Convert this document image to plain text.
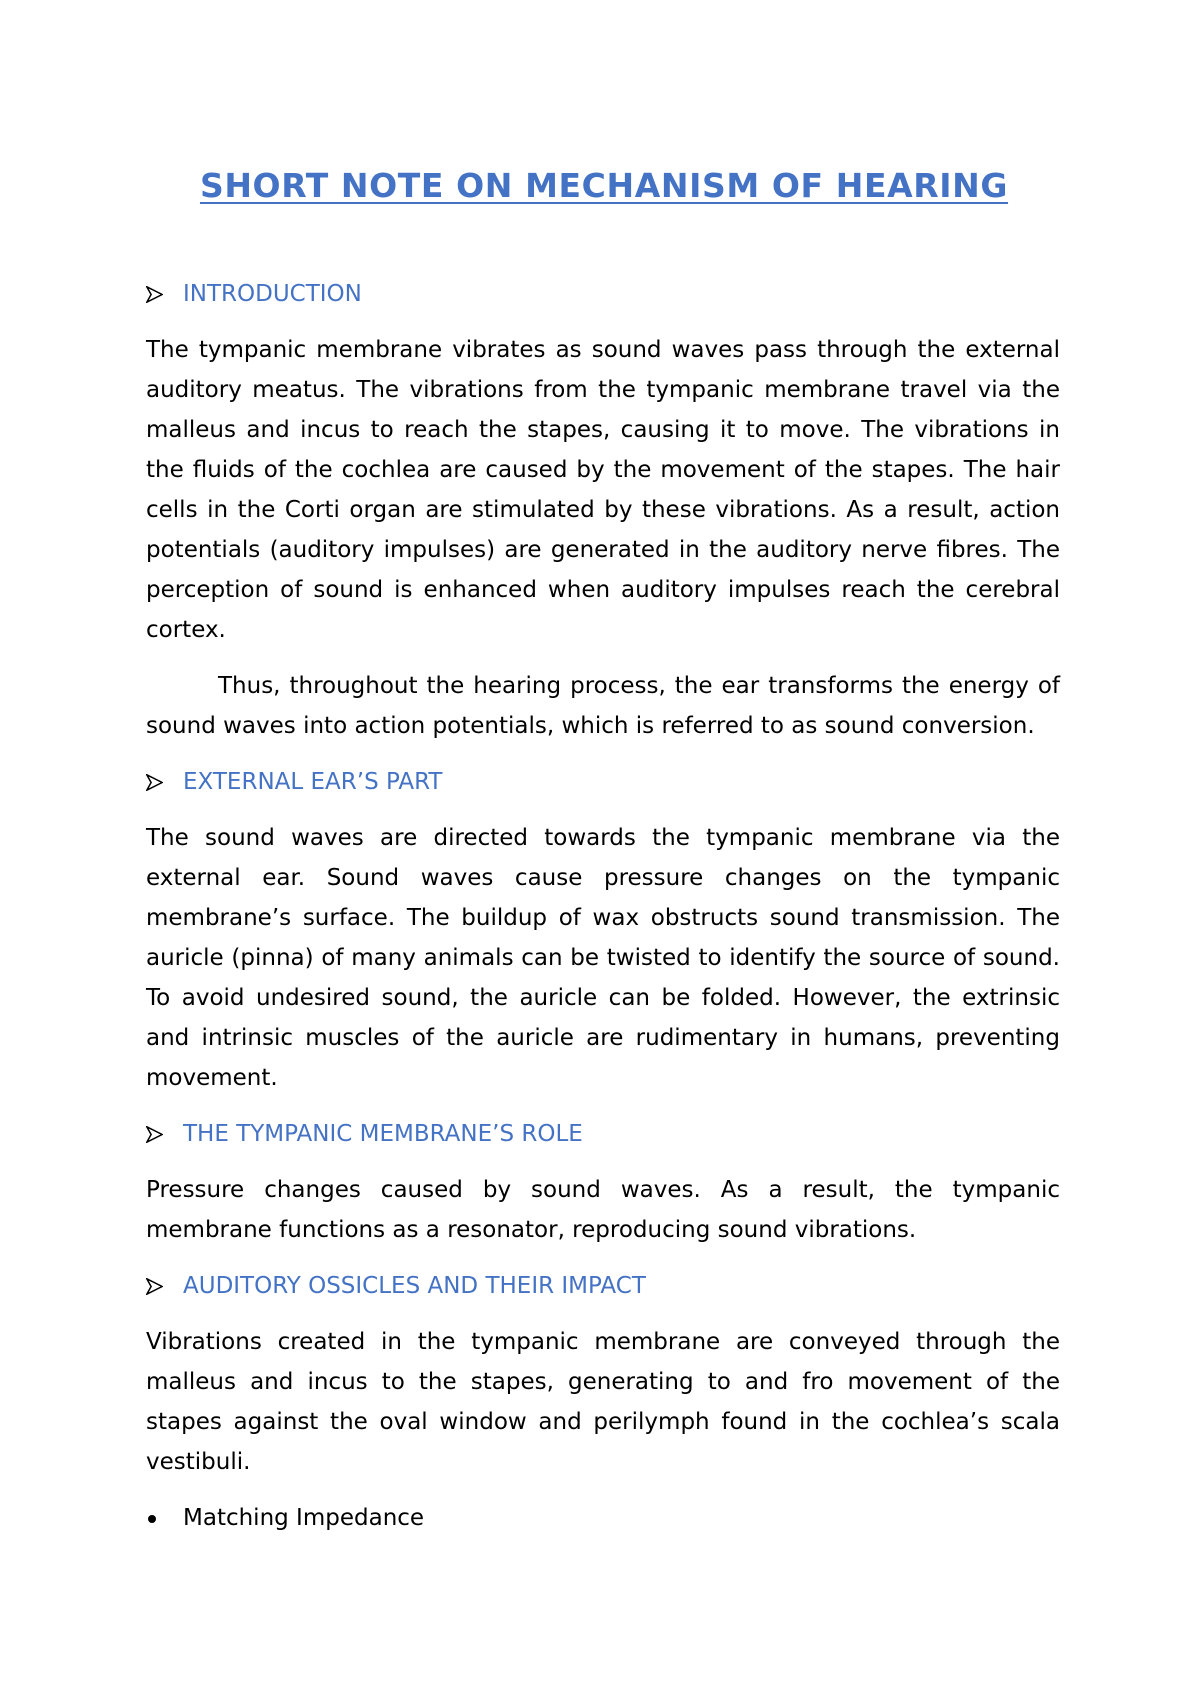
SHORT NOTE ON MECHANISM OF HEARING
INTRODUCTION

The tympanic membrane vibrates as sound waves pass through the external auditory meatus. The vibrations from the tympanic membrane travel via the malleus and incus to reach the stapes, causing it to move. The vibrations in the fluids of the cochlea are caused by the movement of the stapes. The hair cells in the Corti organ are stimulated by these vibrations. As a result, action potentials (auditory impulses) are generated in the auditory nerve fibres. The perception of sound is enhanced when auditory impulses reach the cerebral cortex.

Thus, throughout the hearing process, the ear transforms the energy of sound waves into action potentials, which is referred to as sound conversion.

EXTERNAL EAR’S PART

The sound waves are directed towards the tympanic membrane via the external ear. Sound waves cause pressure changes on the tympanic membrane’s surface. The buildup of wax obstructs sound transmission. The auricle (pinna) of many animals can be twisted to identify the source of sound. To avoid undesired sound, the auricle can be folded. However, the extrinsic and intrinsic muscles of the auricle are rudimentary in humans, preventing movement.

THE TYMPANIC MEMBRANE’S ROLE

Pressure changes caused by sound waves. As a result, the tympanic membrane functions as a resonator, reproducing sound vibrations.

AUDITORY OSSICLES AND THEIR IMPACT

Vibrations created in the tympanic membrane are conveyed through the malleus and incus to the stapes, generating to and fro movement of the stapes against the oval window and perilymph found in the cochlea’s scala vestibuli.

Matching Impedance
